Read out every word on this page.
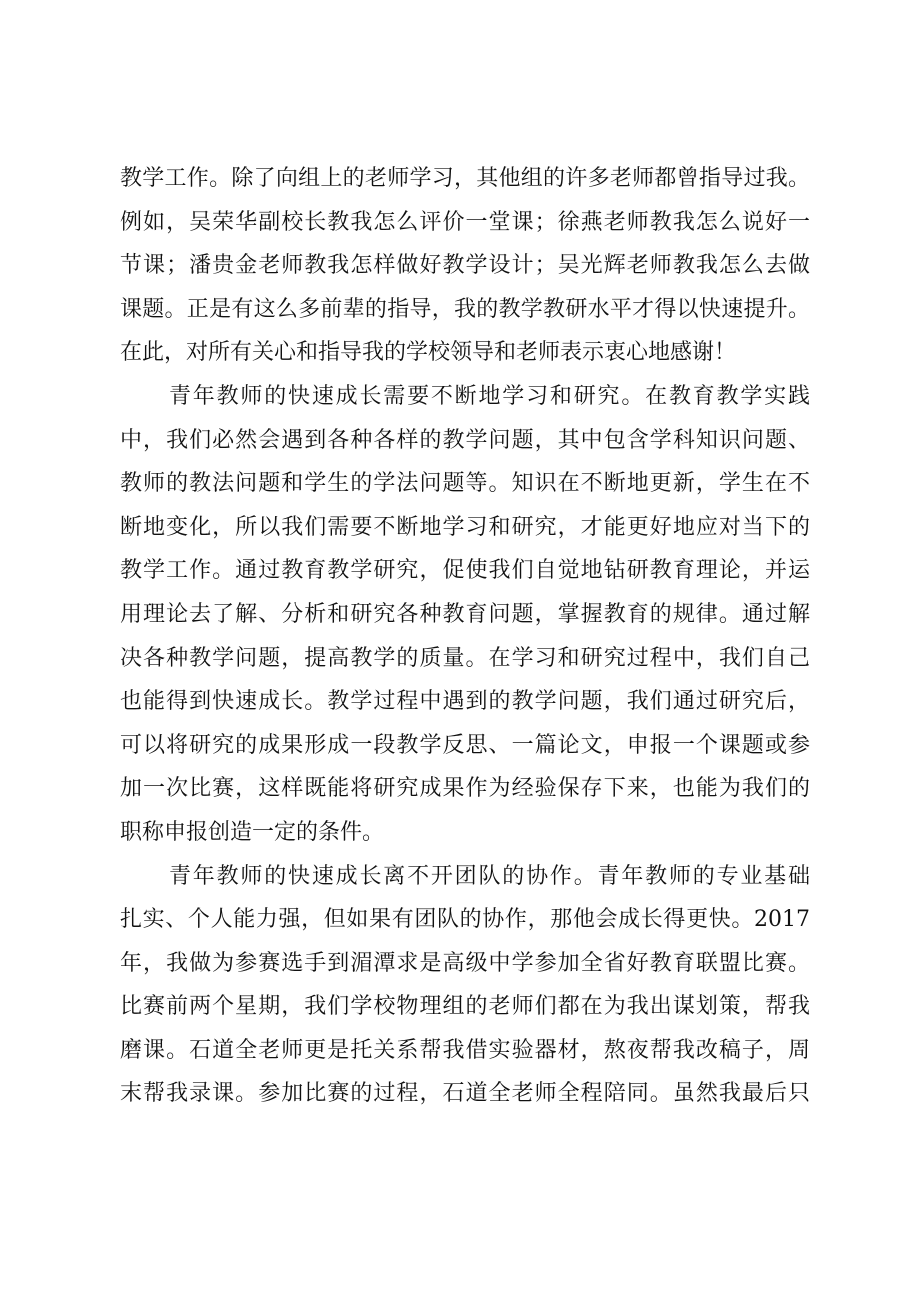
教学工作。除了向组上的老师学习，其他组的许多老师都曾指导过我。
例如，吴荣华副校长教我怎么评价一堂课；徐燕老师教我怎么说好一
节课；潘贵金老师教我怎样做好教学设计；吴光辉老师教我怎么去做
课题。正是有这么多前辈的指导，我的教学教研水平才得以快速提升。
在此，对所有关心和指导我的学校领导和老师表示衷心地感谢！
青年教师的快速成长需要不断地学习和研究。在教育教学实践
中，我们必然会遇到各种各样的教学问题，其中包含学科知识问题、
教师的教法问题和学生的学法问题等。知识在不断地更新，学生在不
断地变化，所以我们需要不断地学习和研究，才能更好地应对当下的
教学工作。通过教育教学研究，促使我们自觉地钻研教育理论，并运
用理论去了解、分析和研究各种教育问题，掌握教育的规律。通过解
决各种教学问题，提高教学的质量。在学习和研究过程中，我们自己
也能得到快速成长。教学过程中遇到的教学问题，我们通过研究后，
可以将研究的成果形成一段教学反思、一篇论文，申报一个课题或参
加一次比赛，这样既能将研究成果作为经验保存下来，也能为我们的
职称申报创造一定的条件。
青年教师的快速成长离不开团队的协作。青年教师的专业基础
扎实、个人能力强，但如果有团队的协作，那他会成长得更快。2017
年，我做为参赛选手到湄潭求是高级中学参加全省好教育联盟比赛。
比赛前两个星期，我们学校物理组的老师们都在为我出谋划策，帮我
磨课。石道全老师更是托关系帮我借实验器材，熬夜帮我改稿子，周
末帮我录课。参加比赛的过程，石道全老师全程陪同。虽然我最后只
